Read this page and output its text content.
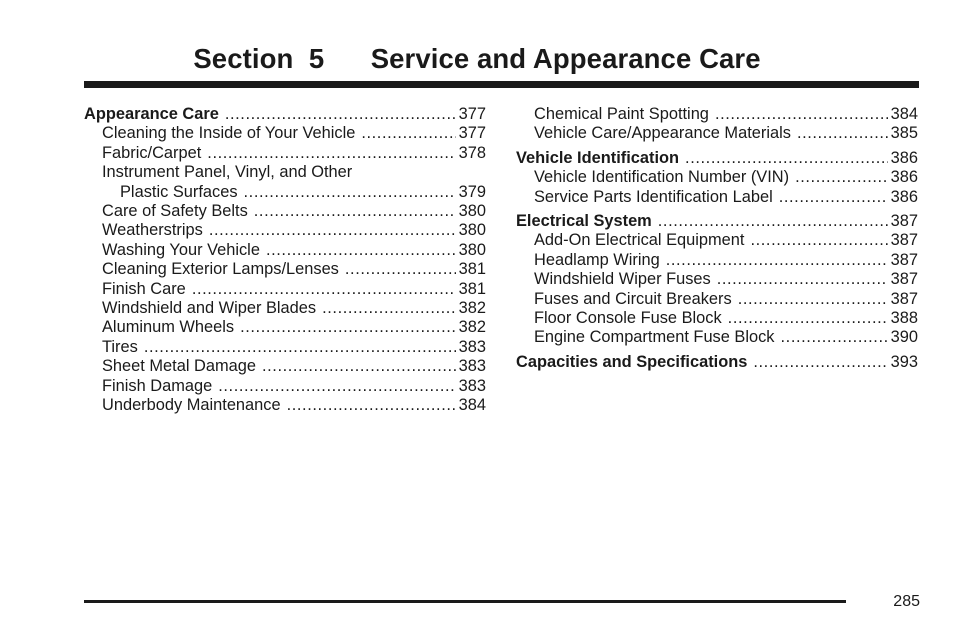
Section  5      Service and Appearance Care
Appearance Care .....	377
Cleaning the Inside of Your Vehicle .....	377
Fabric/Carpet .....	378
Instrument Panel, Vinyl, and Other
Plastic Surfaces .....	379
Care of Safety Belts .....	380
Weatherstrips .....	380
Washing Your Vehicle .....	380
Cleaning Exterior Lamps/Lenses .....	381
Finish Care .....	381
Windshield and Wiper Blades .....	382
Aluminum Wheels .....	382
Tires .....	383
Sheet Metal Damage .....	383
Finish Damage .....	383
Underbody Maintenance .....	384
Chemical Paint Spotting .....	384
Vehicle Care/Appearance Materials .....	385
Vehicle Identification .....	386
Vehicle Identification Number (VIN) .....	386
Service Parts Identification Label .....	386
Electrical System .....	387
Add-On Electrical Equipment .....	387
Headlamp Wiring .....	387
Windshield Wiper Fuses .....	387
Fuses and Circuit Breakers .....	387
Floor Console Fuse Block .....	388
Engine Compartment Fuse Block .....	390
Capacities and Specifications .....	393
285
